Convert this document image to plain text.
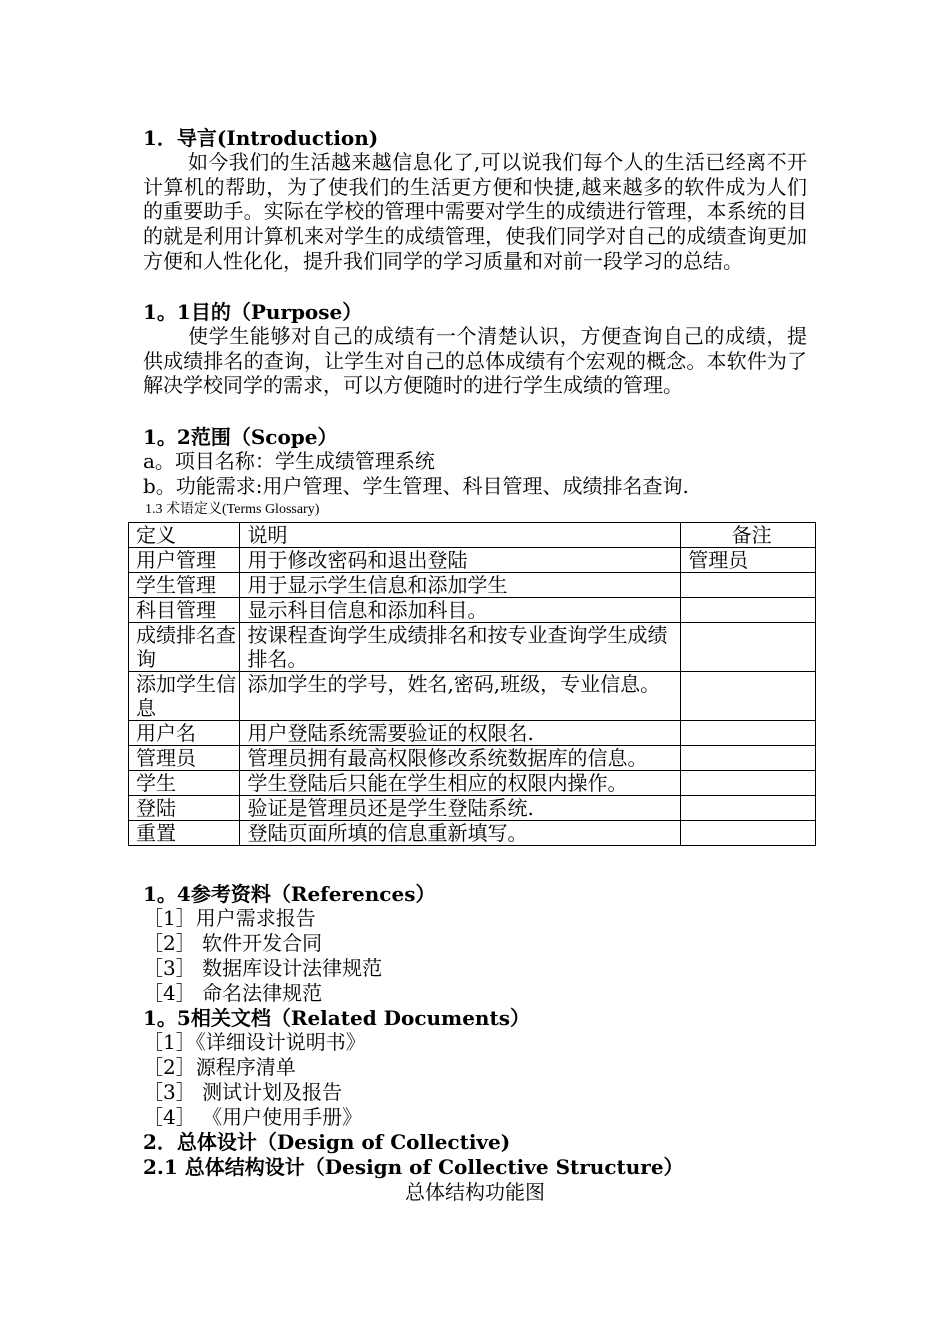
1．导言(Introduction)
如今我们的生活越来越信息化了,可以说我们每个人的生活已经离不开计算机的帮助，为了使我们的生活更方便和快捷,越来越多的软件成为人们的重要助手。实际在学校的管理中需要对学生的成绩进行管理，本系统的目的就是利用计算机来对学生的成绩管理，使我们同学对自己的成绩查询更加方便和人性化化，提升我们同学的学习质量和对前一段学习的总结。
1。1目的（Purpose）
使学生能够对自己的成绩有一个清楚认识，方便查询自己的成绩，提供成绩排名的查询，让学生对自己的总体成绩有个宏观的概念。本软件为了解决学校同学的需求，可以方便随时的进行学生成绩的管理。
1。2范围（Scope）
a。项目名称：学生成绩管理系统
b。功能需求:用户管理、学生管理、科目管理、成绩排名查询.
1.3 术语定义(Terms Glossary)
定义	说明	备注
用户管理	用于修改密码和退出登陆	管理员
学生管理	用于显示学生信息和添加学生	
科目管理	显示科目信息和添加科目。	
成绩排名查询	按课程查询学生成绩排名和按专业查询学生成绩排名。	
添加学生信息	添加学生的学号，姓名,密码,班级，专业信息。	
用户名	用户登陆系统需要验证的权限名.	
管理员	管理员拥有最高权限修改系统数据库的信息。	
学生	学生登陆后只能在学生相应的权限内操作。	
登陆	验证是管理员还是学生登陆系统.	
重置	登陆页面所填的信息重新填写。	
1。4参考资料（References）
［1］用户需求报告
［2］ 软件开发合同
［3］ 数据库设计法律规范
［4］ 命名法律规范
1。5相关文档（Related Documents）
［1］《详细设计说明书》
［2］源程序清单
［3］ 测试计划及报告
［4］ 《用户使用手册》
2．总体设计（Design of Collective)
2.1 总体结构设计（Design of Collective Structure）
总体结构功能图
